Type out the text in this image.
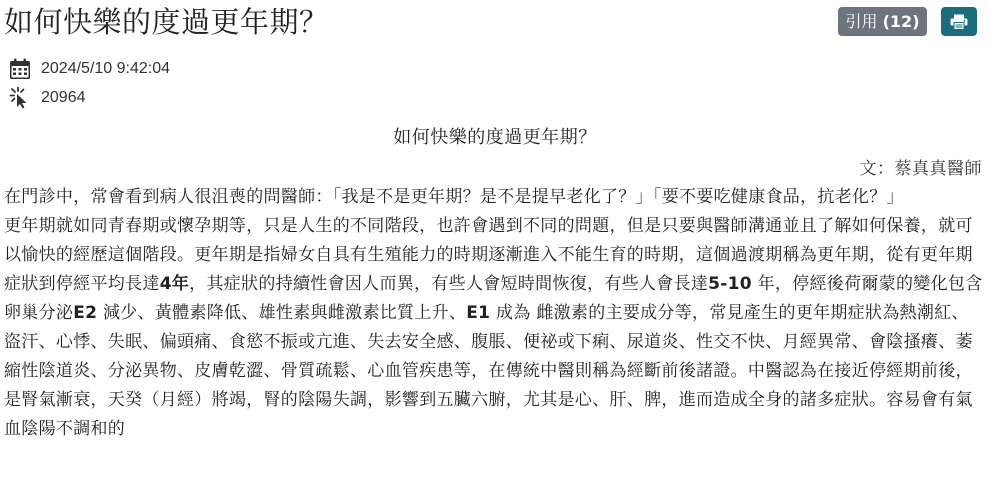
如何快樂的度過更年期？	引用 (12)
2024/5/10 9:42:04
20964
如何快樂的度過更年期？
文：蔡真真醫師

在門診中，常會看到病人很沮喪的問醫師：「我是不是更年期？是不是提早老化了？」「要不要吃健康食品，抗老化？」

更年期就如同青春期或懷孕期等，只是人生的不同階段，也許會遇到不同的問題，但是只要與醫師溝通並且了解如何保養，就可以愉快的經歷這個階段。更年期是指婦女自具有生殖能力的時期逐漸進入不能生育的時期，這個過渡期稱為更年期，從有更年期症狀到停經平均長達4年，其症狀的持續性會因人而異，有些人會短時間恢復，有些人會長達5-10 年，停經後荷爾蒙的變化包含卵巢分泌E2 減少、黃體素降低、雄性素與雌激素比質上升、E1 成為 雌激素的主要成分等，常見產生的更年期症狀為熱潮紅、盜汗、心悸、失眠、偏頭痛、食慾不振或亢進、失去安全感、腹脹、便祕或下痢、尿道炎、性交不快、月經異常、會陰搔癢、萎縮性陰道炎、分泌異物、皮膚乾澀、骨質疏鬆、心血管疾患等，在傳統中醫則稱為經斷前後諸證。中醫認為在接近停經期前後，是腎氣漸衰，天癸（月經）將竭，腎的陰陽失調，影響到五臟六腑，尤其是心、肝、脾，進而造成全身的諸多症狀。容易會有氣血陰陽不調和的
